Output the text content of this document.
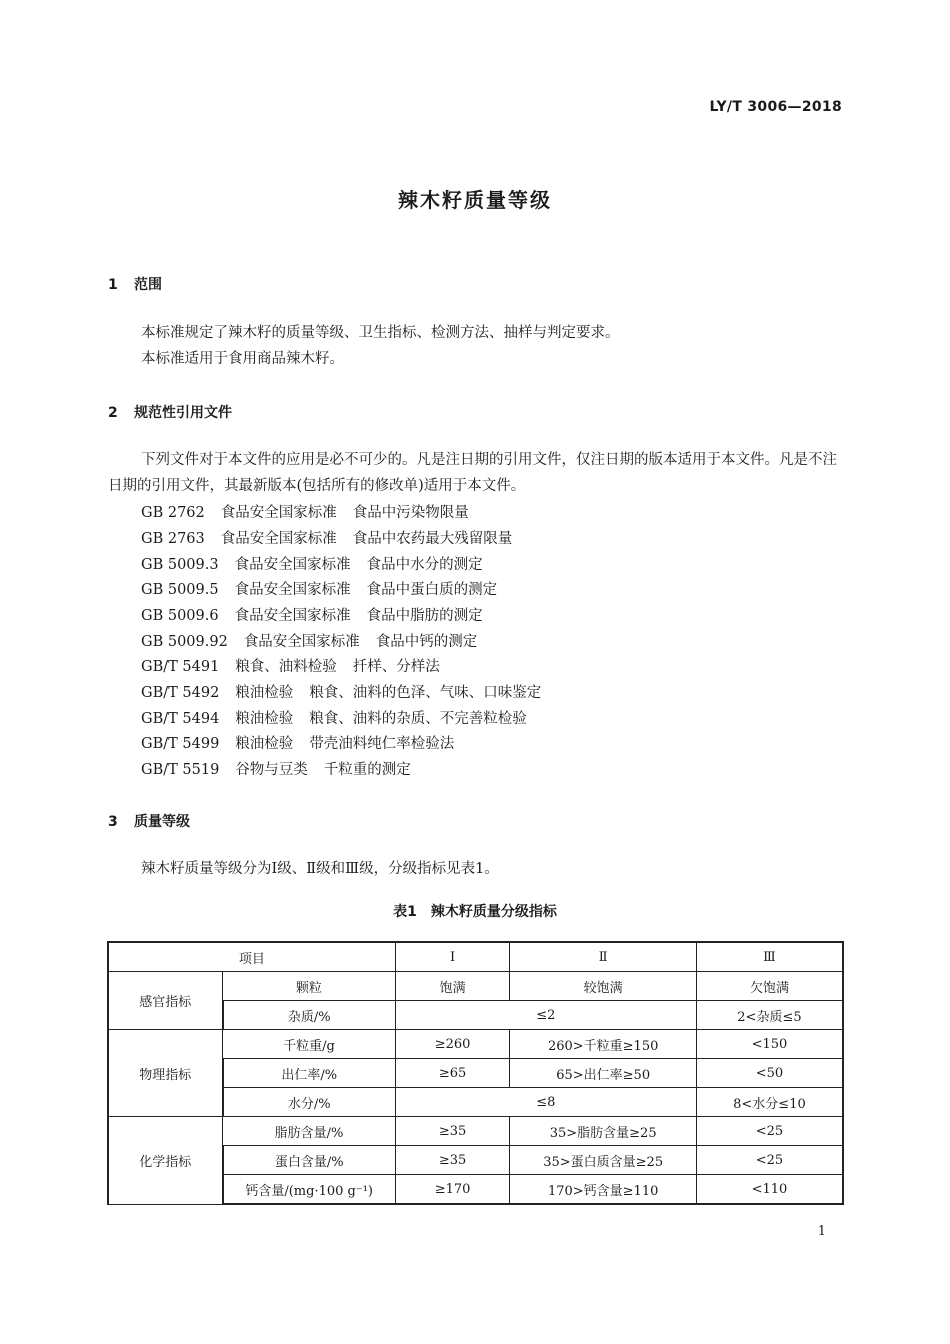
LY/T 3006—2018
辣木籽质量等级
1 范围
本标准规定了辣木籽的质量等级、卫生指标、检测方法、抽样与判定要求。
本标准适用于食用商品辣木籽。
2 规范性引用文件
下列文件对于本文件的应用是必不可少的。凡是注日期的引用文件，仅注日期的版本适用于本文件。凡是不注日期的引用文件，其最新版本(包括所有的修改单)适用于本文件。
GB 2762 食品安全国家标准 食品中污染物限量
GB 2763 食品安全国家标准 食品中农药最大残留限量
GB 5009.3 食品安全国家标准 食品中水分的测定
GB 5009.5 食品安全国家标准 食品中蛋白质的测定
GB 5009.6 食品安全国家标准 食品中脂肪的测定
GB 5009.92 食品安全国家标准 食品中钙的测定
GB/T 5491 粮食、油料检验 扦样、分样法
GB/T 5492 粮油检验 粮食、油料的色泽、气味、口味鉴定
GB/T 5494 粮油检验 粮食、油料的杂质、不完善粒检验
GB/T 5499 粮油检验 带壳油料纯仁率检验法
GB/T 5519 谷物与豆类 千粒重的测定
3 质量等级
辣木籽质量等级分为Ⅰ级、Ⅱ级和Ⅲ级，分级指标见表1。
表1　辣木籽质量分级指标
项目		Ⅰ	Ⅱ	Ⅲ
感官指标	颗粒	饱满	较饱满	欠饱满
	杂质/%	≤2		2<杂质≤5
物理指标	千粒重/g	≥260	260>千粒重≥150	<150
	出仁率/%	≥65	65>出仁率≥50	<50
	水分/%	≤8		8<水分≤10
化学指标	脂肪含量/%	≥35	35>脂肪含量≥25	<25
	蛋白含量/%	≥35	35>蛋白质含量≥25	<25
	钙含量/(mg·100 g⁻¹)	≥170	170>钙含量≥110	<110
1
